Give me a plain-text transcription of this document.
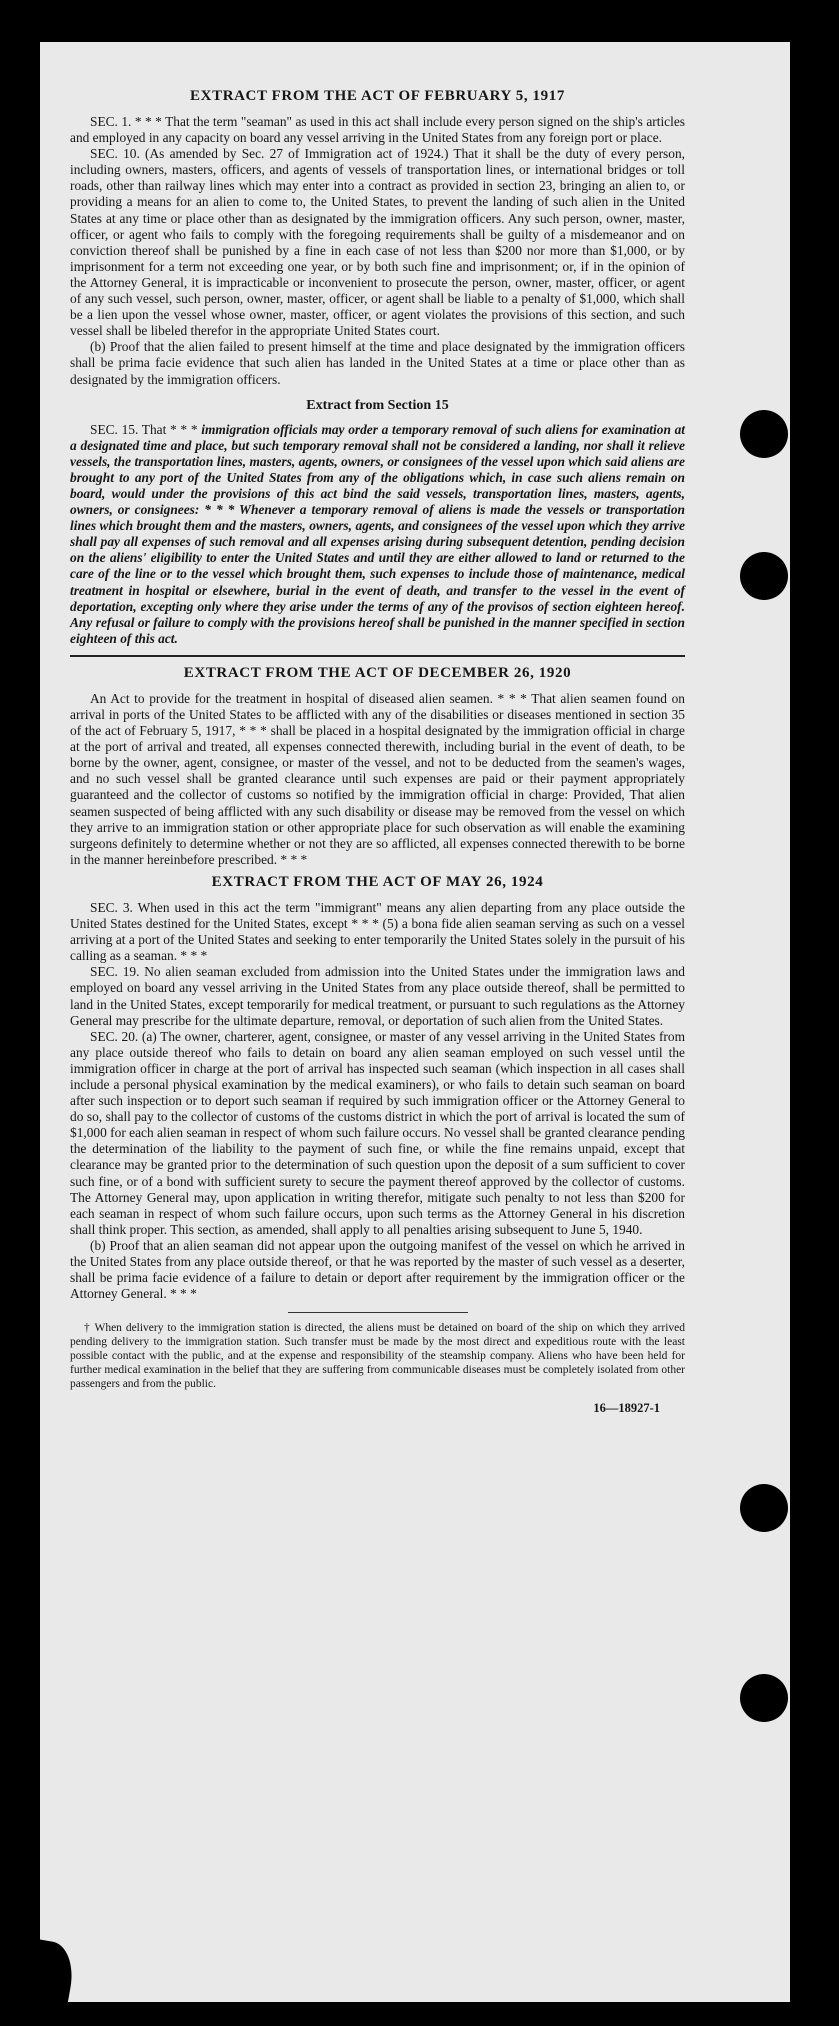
EXTRACT FROM THE ACT OF FEBRUARY 5, 1917

SEC. 1. * * * That the term "seaman" as used in this act shall include every person signed on the ship's articles and employed in any capacity on board any vessel arriving in the United States from any foreign port or place.

SEC. 10. (As amended by Sec. 27 of Immigration act of 1924.) That it shall be the duty of every person, including owners, masters, officers, and agents of vessels of transportation lines, or international bridges or toll roads, other than railway lines which may enter into a contract as provided in section 23, bringing an alien to, or providing a means for an alien to come to, the United States, to prevent the landing of such alien in the United States at any time or place other than as designated by the immigration officers. Any such person, owner, master, officer, or agent who fails to comply with the foregoing requirements shall be guilty of a misdemeanor and on conviction thereof shall be punished by a fine in each case of not less than $200 nor more than $1,000, or by imprisonment for a term not exceeding one year, or by both such fine and imprisonment; or, if in the opinion of the Attorney General, it is impracticable or inconvenient to prosecute the person, owner, master, officer, or agent of any such vessel, such person, owner, master, officer, or agent shall be liable to a penalty of $1,000, which shall be a lien upon the vessel whose owner, master, officer, or agent violates the provisions of this section, and such vessel shall be libeled therefor in the appropriate United States court.

(b) Proof that the alien failed to present himself at the time and place designated by the immigration officers shall be prima facie evidence that such alien has landed in the United States at a time or place other than as designated by the immigration officers.

Extract from Section 15

SEC. 15. That * * * immigration officials may order a temporary removal of such aliens for examination at a designated time and place, but such temporary removal shall not be considered a landing, nor shall it relieve vessels, the transportation lines, masters, agents, owners, or consignees of the vessel upon which said aliens are brought to any port of the United States from any of the obligations which, in case such aliens remain on board, would under the provisions of this act bind the said vessels, transportation lines, masters, agents, owners, or consignees: * * * Whenever a temporary removal of aliens is made the vessels or transportation lines which brought them and the masters, owners, agents, and consignees of the vessel upon which they arrive shall pay all expenses of such removal and all expenses arising during subsequent detention, pending decision on the aliens' eligibility to enter the United States and until they are either allowed to land or returned to the care of the line or to the vessel which brought them, such expenses to include those of maintenance, medical treatment in hospital or elsewhere, burial in the event of death, and transfer to the vessel in the event of deportation, excepting only where they arise under the terms of any of the provisos of section eighteen hereof. Any refusal or failure to comply with the provisions hereof shall be punished in the manner specified in section eighteen of this act.

EXTRACT FROM THE ACT OF DECEMBER 26, 1920

An Act to provide for the treatment in hospital of diseased alien seamen. * * * That alien seamen found on arrival in ports of the United States to be afflicted with any of the disabilities or diseases mentioned in section 35 of the act of February 5, 1917, * * * shall be placed in a hospital designated by the immigration official in charge at the port of arrival and treated, all expenses connected therewith, including burial in the event of death, to be borne by the owner, agent, consignee, or master of the vessel, and not to be deducted from the seamen's wages, and no such vessel shall be granted clearance until such expenses are paid or their payment appropriately guaranteed and the collector of customs so notified by the immigration official in charge: Provided, That alien seamen suspected of being afflicted with any such disability or disease may be removed from the vessel on which they arrive to an immigration station or other appropriate place for such observation as will enable the examining surgeons definitely to determine whether or not they are so afflicted, all expenses connected therewith to be borne in the manner hereinbefore prescribed. * * *

EXTRACT FROM THE ACT OF MAY 26, 1924

SEC. 3. When used in this act the term "immigrant" means any alien departing from any place outside the United States destined for the United States, except * * * (5) a bona fide alien seaman serving as such on a vessel arriving at a port of the United States and seeking to enter temporarily the United States solely in the pursuit of his calling as a seaman. * * *

SEC. 19. No alien seaman excluded from admission into the United States under the immigration laws and employed on board any vessel arriving in the United States from any place outside thereof, shall be permitted to land in the United States, except temporarily for medical treatment, or pursuant to such regulations as the Attorney General may prescribe for the ultimate departure, removal, or deportation of such alien from the United States.

SEC. 20. (a) The owner, charterer, agent, consignee, or master of any vessel arriving in the United States from any place outside thereof who fails to detain on board any alien seaman employed on such vessel until the immigration officer in charge at the port of arrival has inspected such seaman (which inspection in all cases shall include a personal physical examination by the medical examiners), or who fails to detain such seaman on board after such inspection or to deport such seaman if required by such immigration officer or the Attorney General to do so, shall pay to the collector of customs of the customs district in which the port of arrival is located the sum of $1,000 for each alien seaman in respect of whom such failure occurs. No vessel shall be granted clearance pending the determination of the liability to the payment of such fine, or while the fine remains unpaid, except that clearance may be granted prior to the determination of such question upon the deposit of a sum sufficient to cover such fine, or of a bond with sufficient surety to secure the payment thereof approved by the collector of customs. The Attorney General may, upon application in writing therefor, mitigate such penalty to not less than $200 for each seaman in respect of whom such failure occurs, upon such terms as the Attorney General in his discretion shall think proper. This section, as amended, shall apply to all penalties arising subsequent to June 5, 1940.

(b) Proof that an alien seaman did not appear upon the outgoing manifest of the vessel on which he arrived in the United States from any place outside thereof, or that he was reported by the master of such vessel as a deserter, shall be prima facie evidence of a failure to detain or deport after requirement by the immigration officer or the Attorney General. * * *

† When delivery to the immigration station is directed, the aliens must be detained on board of the ship on which they arrived pending delivery to the immigration station. Such transfer must be made by the most direct and expeditious route with the least possible contact with the public, and at the expense and responsibility of the steamship company. Aliens who have been held for further medical examination in the belief that they are suffering from communicable diseases must be completely isolated from other passengers and from the public.

16—18927-1
